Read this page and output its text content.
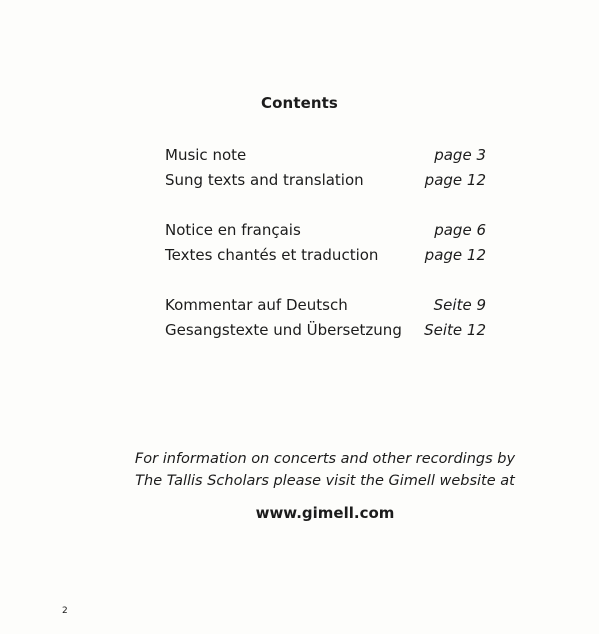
Contents
Music note	page 3
Sung texts and translation	page 12
Notice en français	page 6
Textes chantés et traduction	page 12
Kommentar auf Deutsch	Seite 9
Gesangstexte und Übersetzung Seite 12
For information on concerts and other recordings by
The Tallis Scholars please visit the Gimell website at
www.gimell.com
2
